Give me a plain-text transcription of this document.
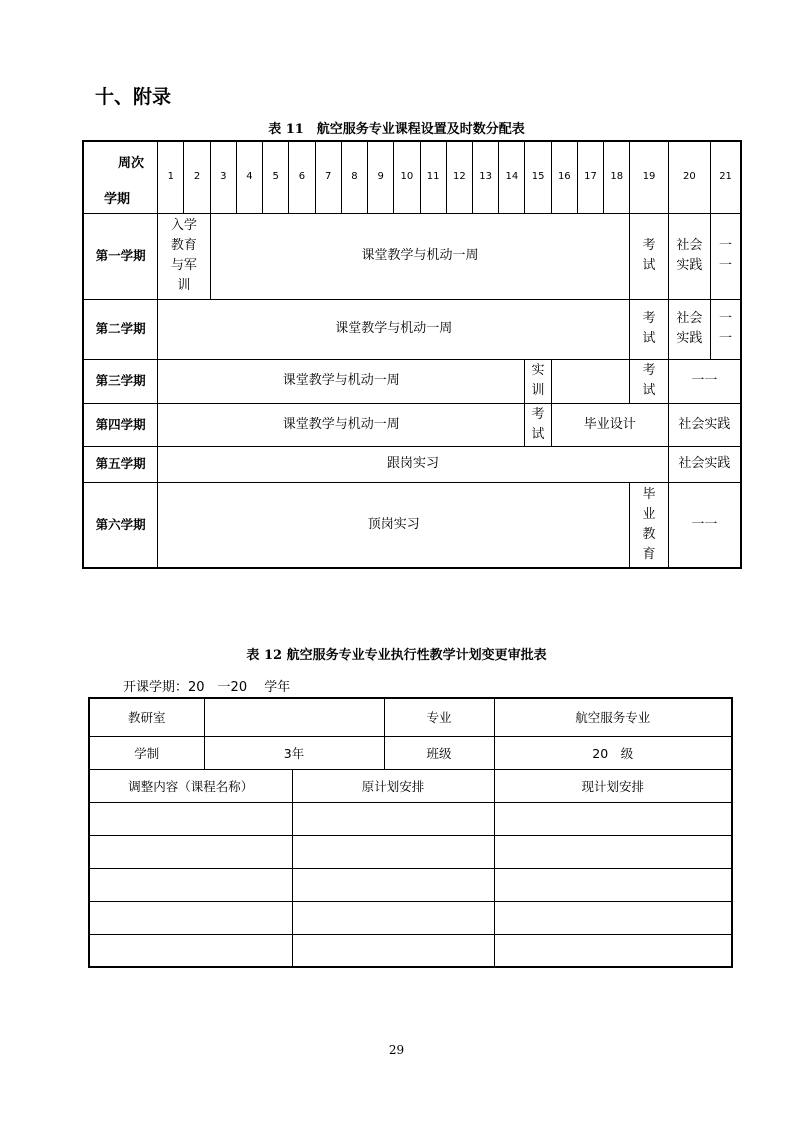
十、附录
表 11　航空服务专业课程设置及时数分配表
周次
学期	1	2	3	4	5	6	7	8	9	10	11	12	13	14	15	16	17	18	19	20	21
第一学期	入学教育与军训		课堂教学与机动一周																考试	社会实践	一一
第二学期	课堂教学与机动一周																		考试	社会实践	一一
第三学期	课堂教学与机动一周														实训				考试	一一	
第四学期	课堂教学与机动一周														考试	毕业设计				社会实践	
第五学期	跟岗实习																			社会实践	
第六学期	顶岗实习																		毕业教育	一一	
表 12 航空服务专业专业执行性教学计划变更审批表
开课学期：20　一20　 学年
教研室			专业	航空服务专业
学制	3年		班级	20　级
调整内容（课程名称）		原计划安排		现计划安排

29
